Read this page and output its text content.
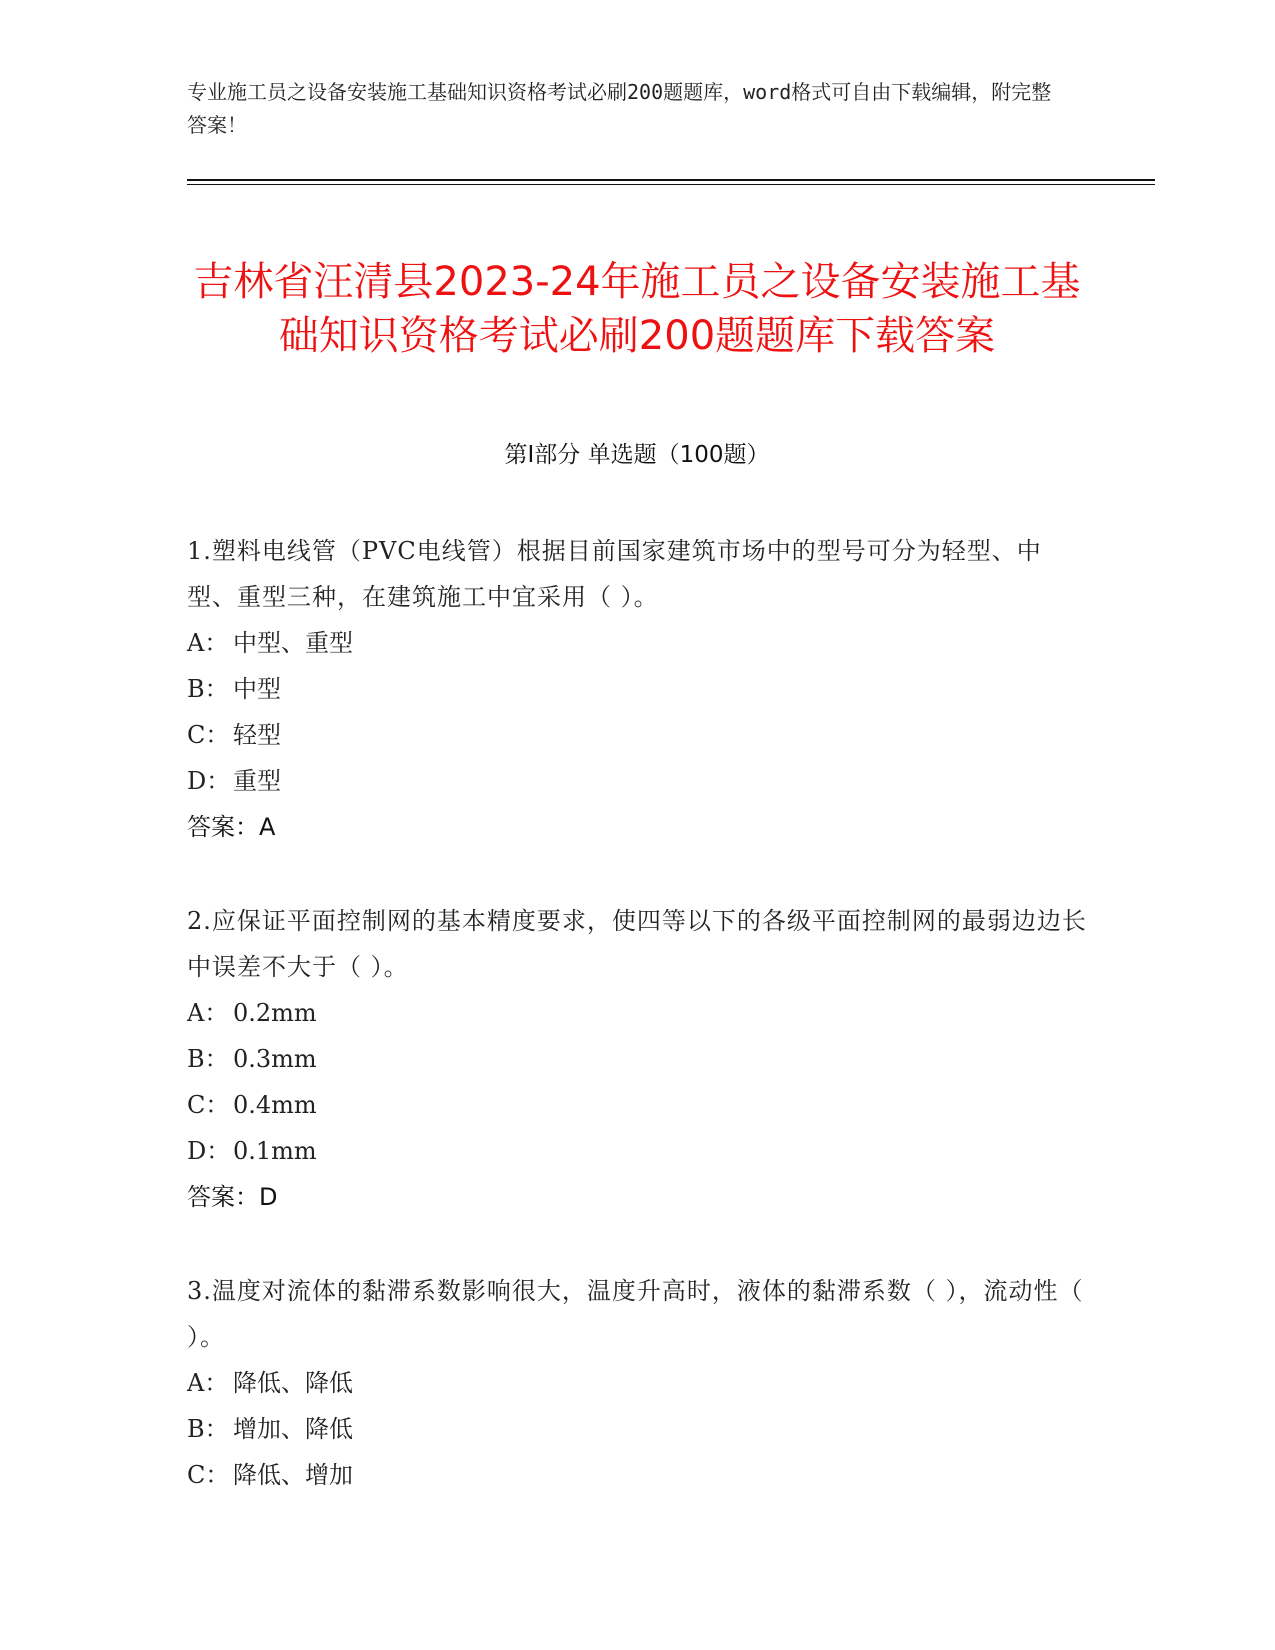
专业施工员之设备安装施工基础知识资格考试必刷200题题库，word格式可自由下载编辑，附完整答案！
吉林省汪清县2023-24年施工员之设备安装施工基础知识资格考试必刷200题题库下载答案
第Ⅰ部分 单选题（100题）

1.塑料电线管（PVC电线管）根据目前国家建筑市场中的型号可分为轻型、中型、重型三种，在建筑施工中宜采用（ ）。

A： 中型、重型
B： 中型
C： 轻型
D： 重型
答案：A

2.应保证平面控制网的基本精度要求，使四等以下的各级平面控制网的最弱边边长中误差不大于（ ）。

A： 0.2mm
B： 0.3mm
C： 0.4mm
D： 0.1mm
答案：D

3.温度对流体的黏滞系数影响很大，温度升高时，液体的黏滞系数（ ），流动性（ ）。

A： 降低、降低
B： 增加、降低
C： 降低、增加
